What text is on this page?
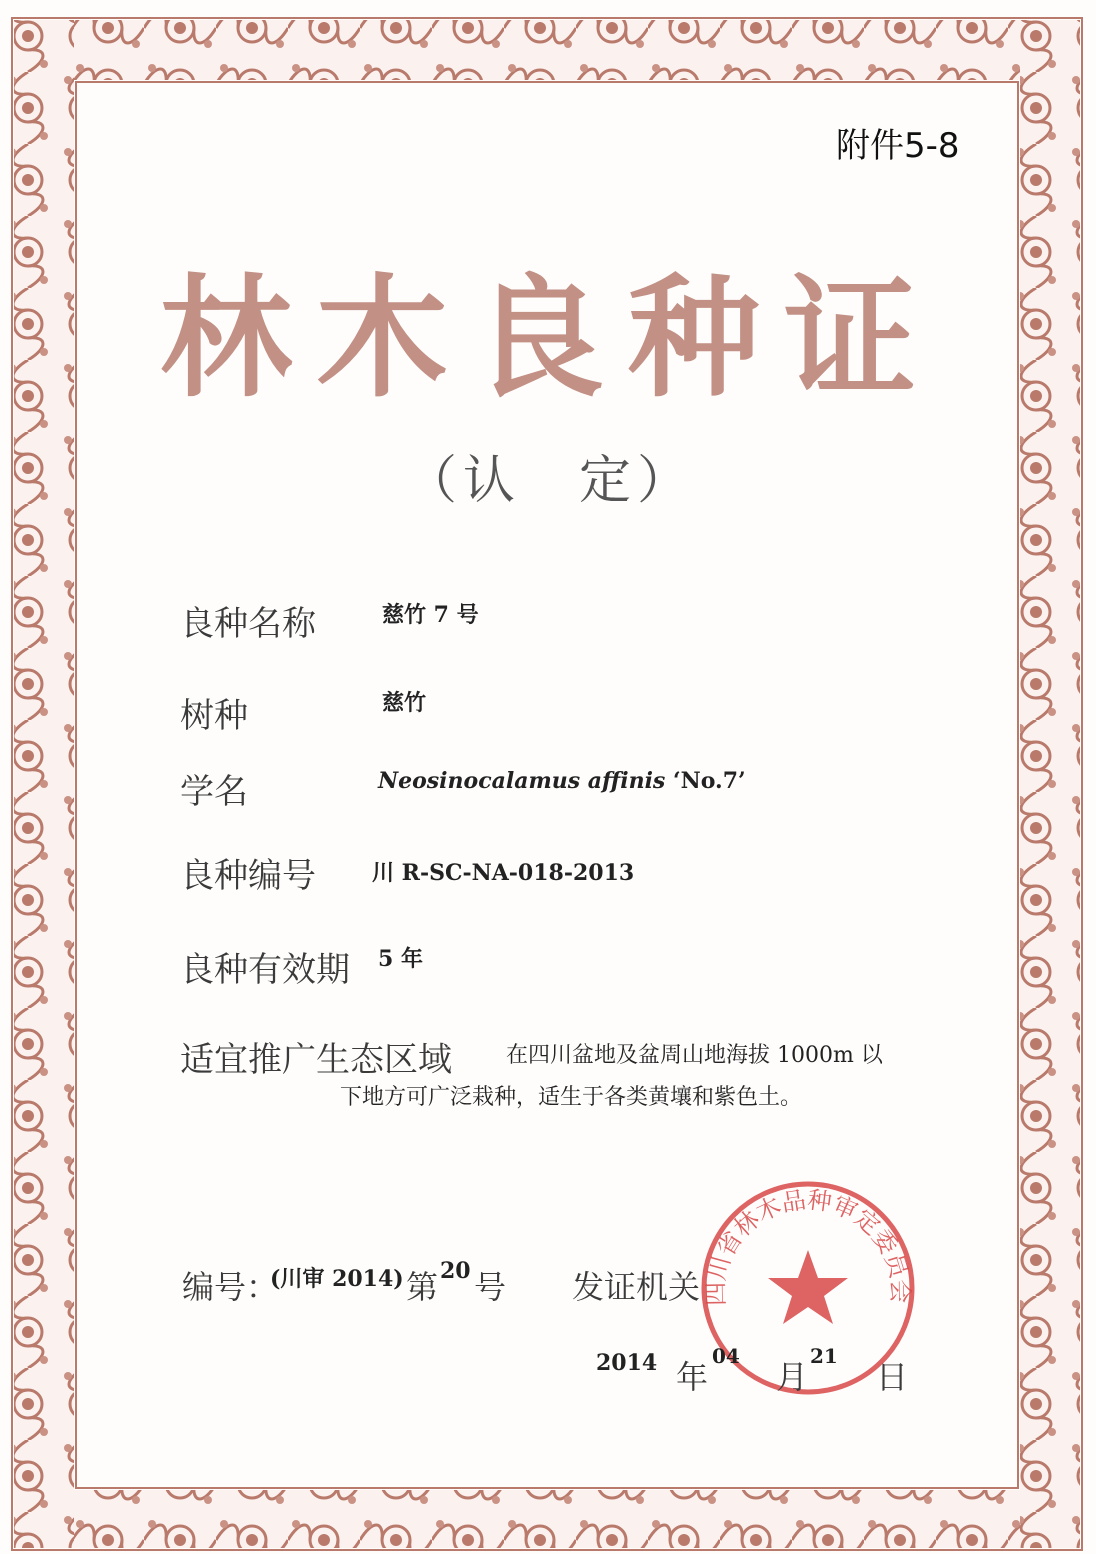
附件5-8
林木良种证
（认　定）
良种名称	慈竹 7 号
树种	慈竹
学名	Neosinocalamus affinis ‘No.7’
良种编号	川 R-SC-NA-018-2013
良种有效期 5 年
适宜推广生态区域 在四川盆地及盆周山地海拔 1000m 以
下地方可广泛栽种，适生于各类黄壤和紫色土。
四川省林木品种审定委员会
编号：
(川审 2014) 第 20 号 发证机关
2014 年
04
月
21
日
